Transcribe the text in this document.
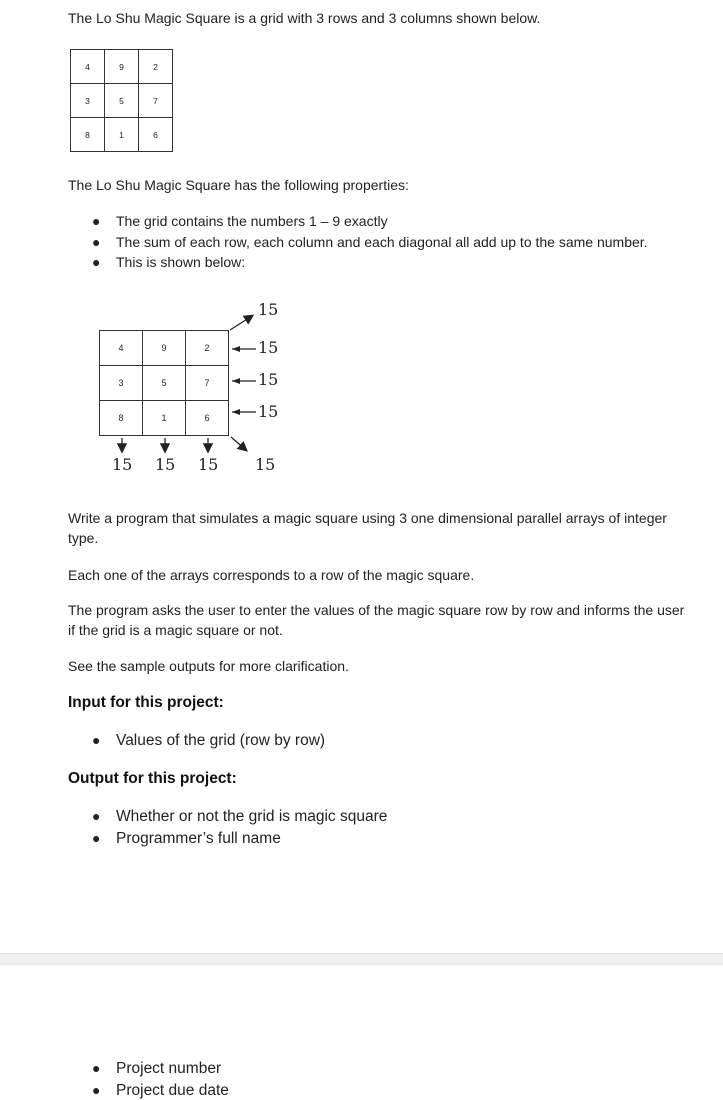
The Lo Shu Magic Square is a grid with 3 rows and 3 columns shown below.
4	9	2
3	5	7
8	1	6
The Lo Shu Magic Square has the following properties:
● The grid contains the numbers 1 – 9 exactly
● The sum of each row, each column and each diagonal all add up to the same number.
● This is shown below:
4	9	2
3	5	7
8	1	6
15
15
15
15
15 15 15 15
Write a program that simulates a magic square using 3 one dimensional parallel arrays of integer type.
Each one of the arrays corresponds to a row of the magic square.
The program asks the user to enter the values of the magic square row by row and informs the user if the grid is a magic square or not.
See the sample outputs for more clarification.
Input for this project:
● Values of the grid (row by row)
Output for this project:
● Whether or not the grid is magic square
● Programmer’s full name
● Project number
● Project due date
